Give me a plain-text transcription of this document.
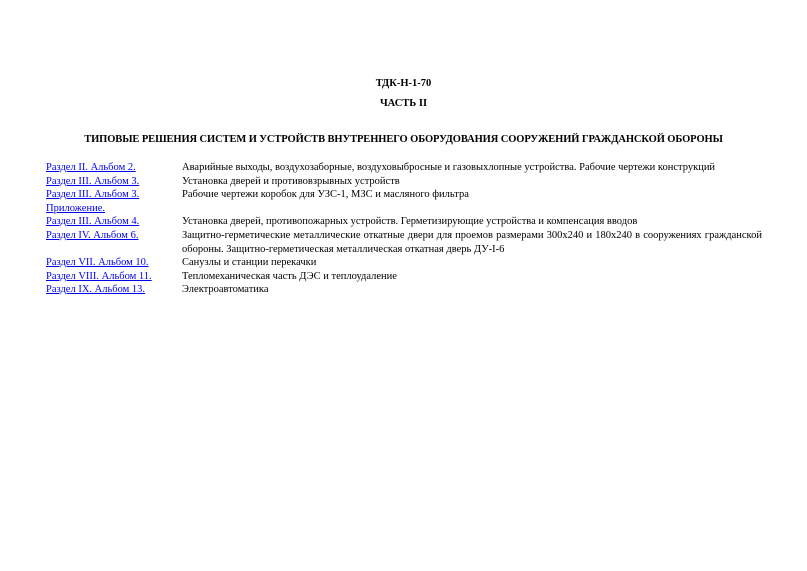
ТДК-Н-1-70
ЧАСТЬ II
ТИПОВЫЕ РЕШЕНИЯ СИСТЕМ И УСТРОЙСТВ ВНУТРЕННЕГО ОБОРУДОВАНИЯ СООРУЖЕНИЙ ГРАЖДАНСКОЙ ОБОРОНЫ
Раздел II. Альбом 2.	Аварийные выходы, воздухозаборные, воздуховыбросные и газовыхлопные устройства. Рабочие чертежи конструкций
Раздел III. Альбом 3.	Установка дверей и противовзрывных устройств
Раздел III. Альбом 3.	Рабочие чертежи коробок для УЗС-1, МЗС и масляного фильтра
Приложение.	
Раздел III. Альбом 4.	Установка дверей, противопожарных устройств. Герметизирующие устройства и компенсация вводов
Раздел IV. Альбом 6.	Защитно-герметические металлические откатные двери для проемов размерами 300x240 и 180x240 в сооружениях гражданской обороны. Защитно-герметическая металлическая откатная дверь ДУ-I-6
Раздел VII. Альбом 10.	Санузлы и станции перекачки
Раздел VIII. Альбом 11.	Тепломеханическая часть ДЭС и теплоудаление
Раздел IX. Альбом 13.	Электроавтоматика
